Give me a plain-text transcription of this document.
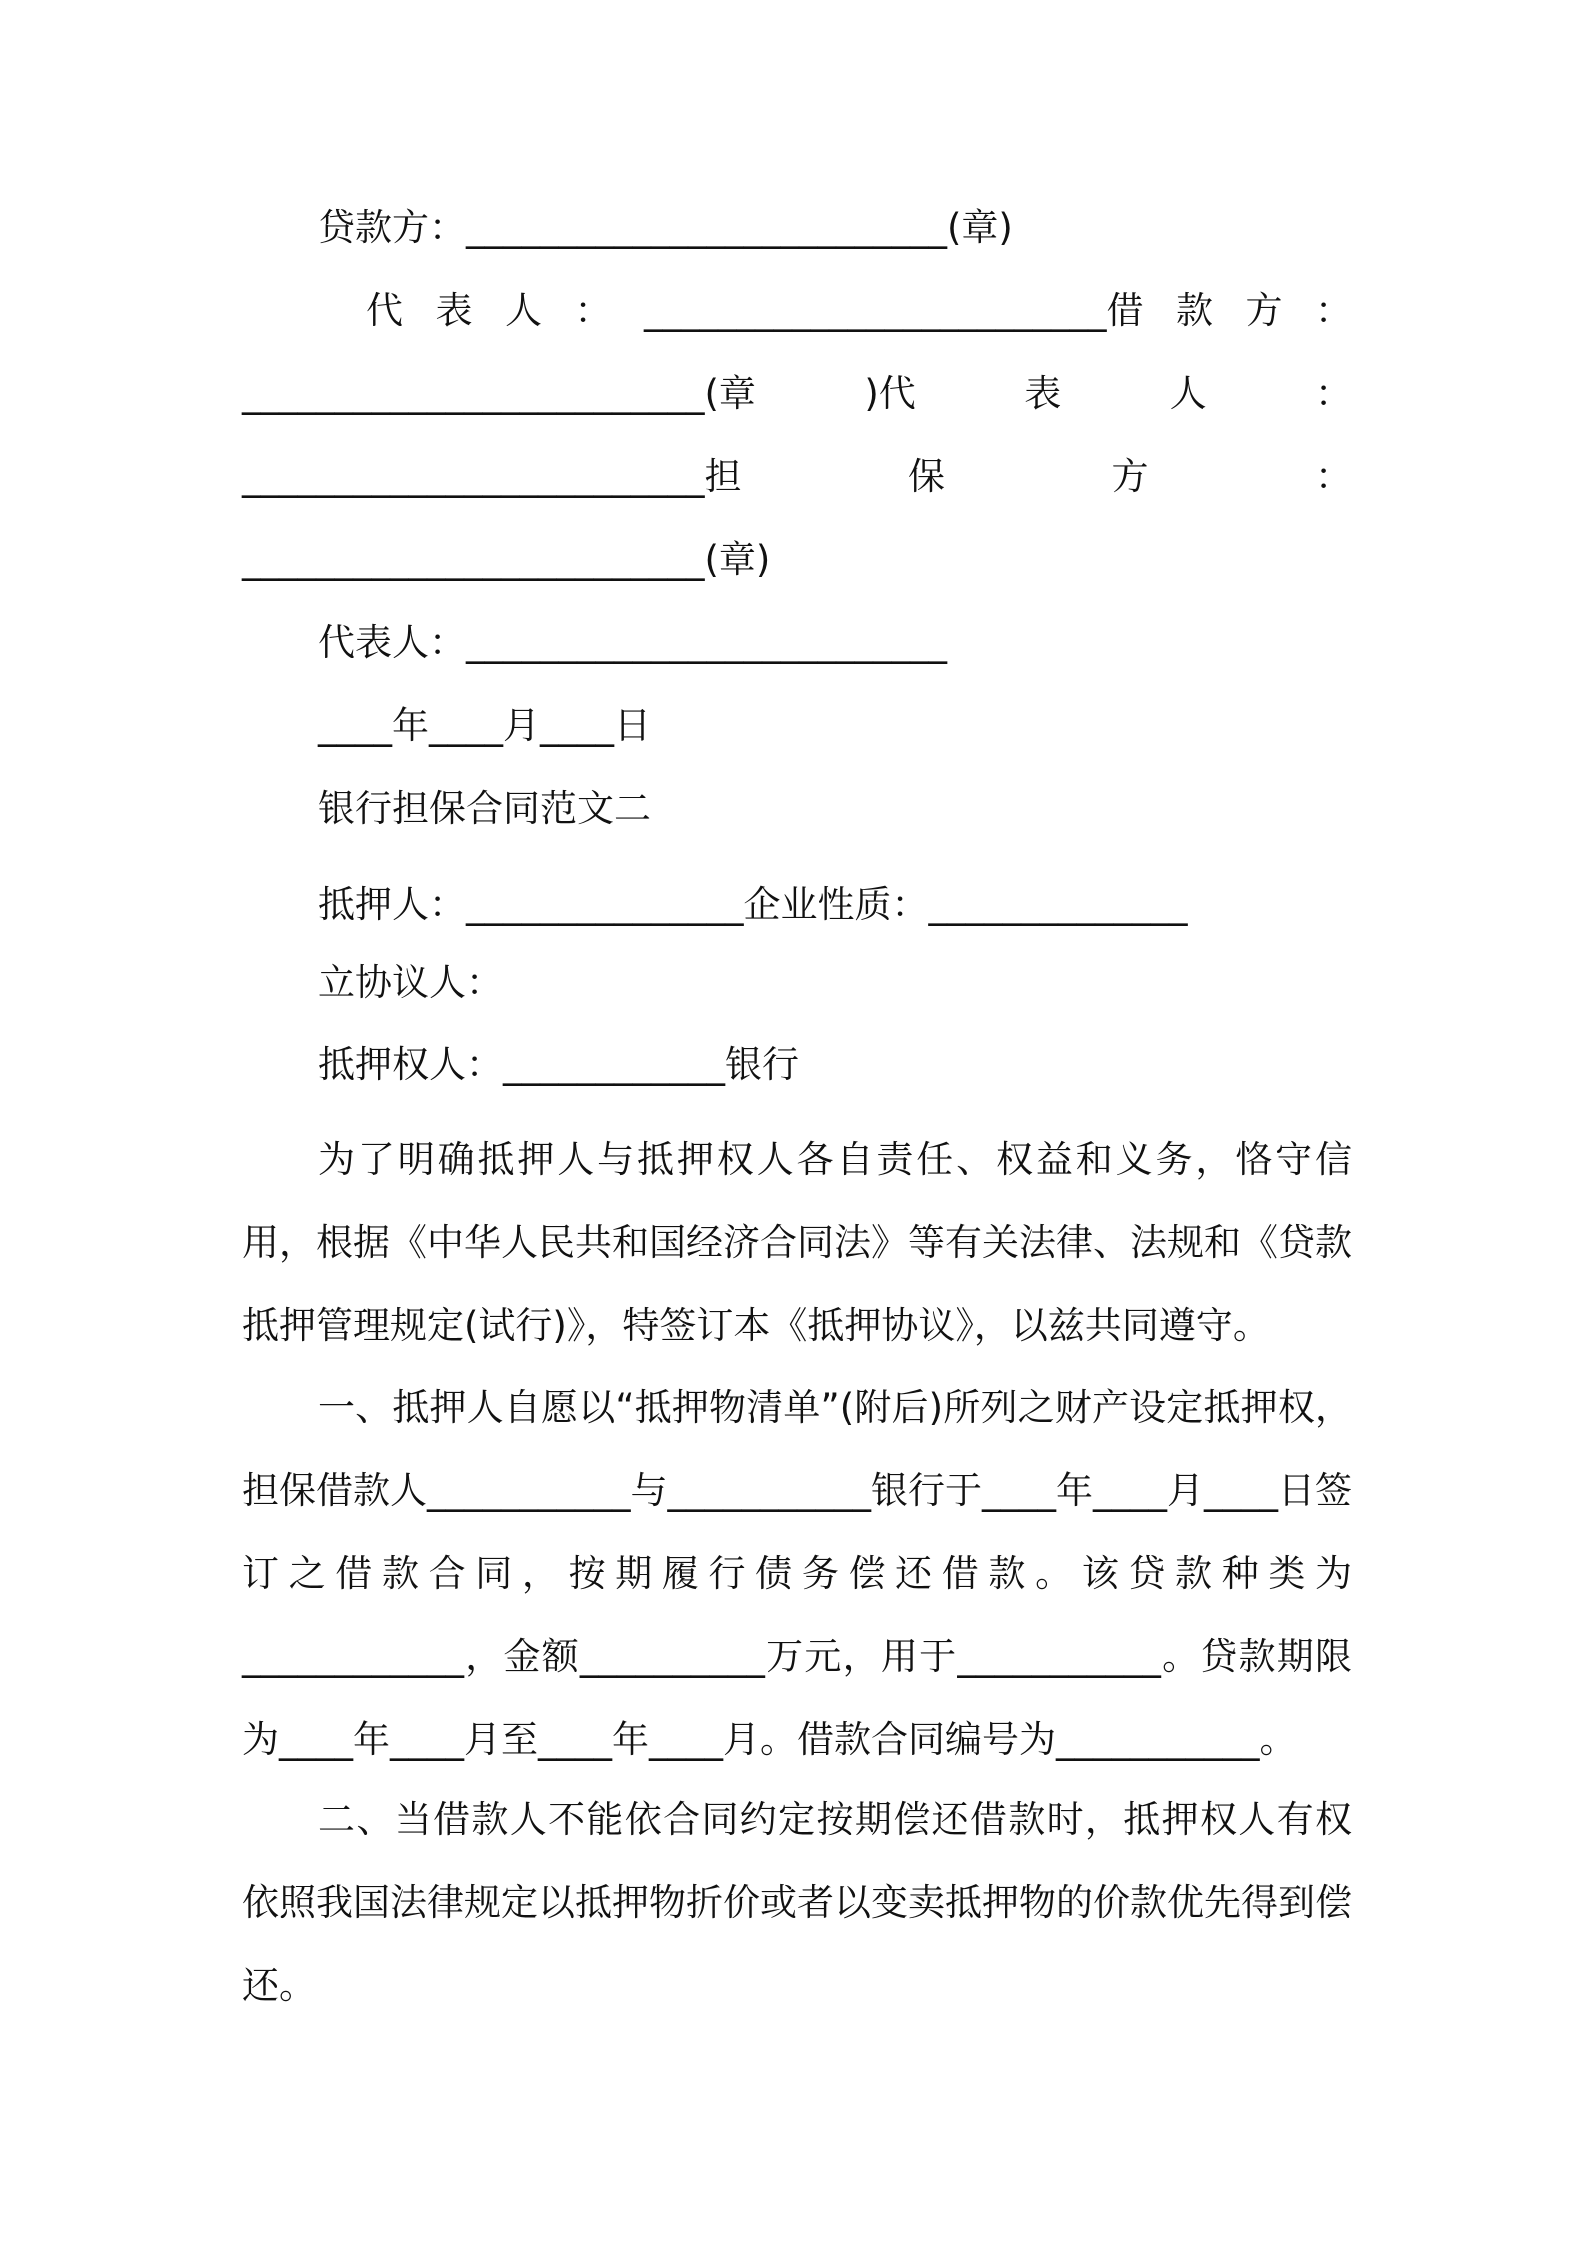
贷款方：__________________________(章)
代 表 人 ： _________________________借 款 方 ：
_________________________(章	)代	表	人	：
_________________________担	保	方	：
_________________________(章)
代表人：__________________________
____年____月____日
银行担保合同范文二
抵押人：_______________企业性质：______________
立协议人：
抵押权人：____________银行
为了明确抵押人与抵押权人各自责任、权益和义务，恪守信用，根据《中华人民共和国经济合同法》等有关法律、法规和《贷款抵押管理规定(试行)》，特签订本《抵押协议》，以兹共同遵守。
一、抵押人自愿以“抵押物清单”(附后)所列之财产设定抵押权，担保借款人___________与___________银行于____年____月____日签订之借款合同，按期履行债务偿还借款。该贷款种类为____________，金额__________万元，用于___________。贷款期限为____年____月至____年____月。借款合同编号为___________。
二、当借款人不能依合同约定按期偿还借款时，抵押权人有权依照我国法律规定以抵押物折价或者以变卖抵押物的价款优先得到偿还。
